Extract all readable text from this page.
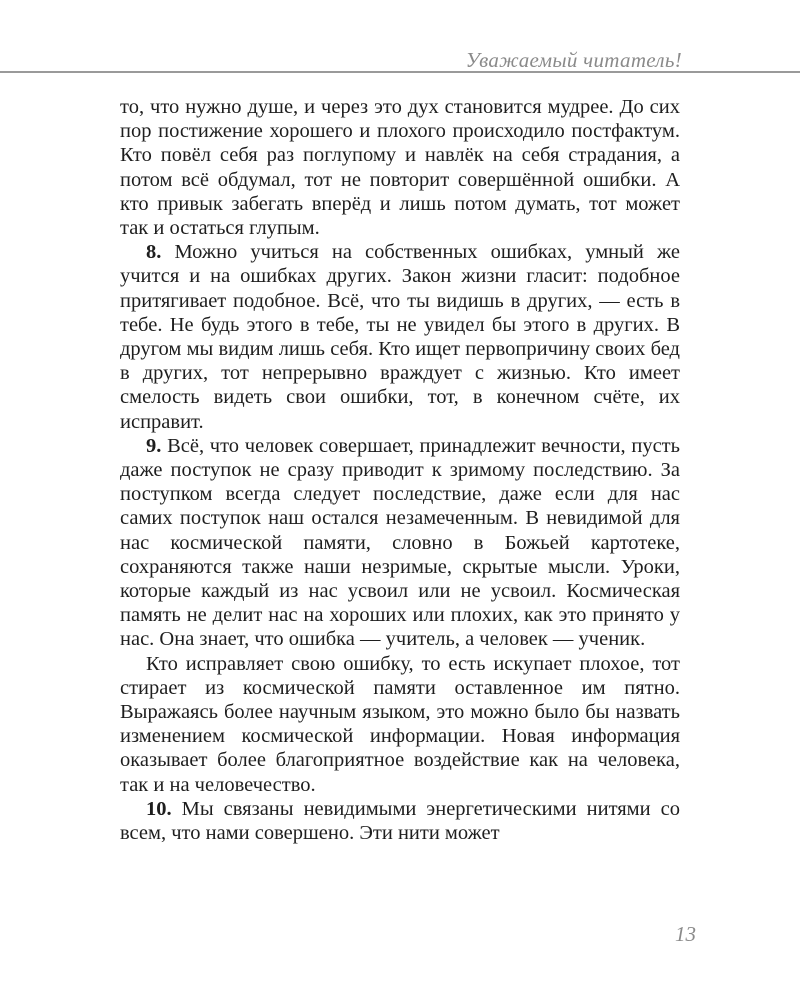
Уважаемый читатель!

то, что нужно душе, и через это дух становится мудрее. До сих пор постижение хорошего и плохого происходило постфактум. Кто повёл себя раз поглупому и навлёк на себя страдания, а потом всё обдумал, тот не повторит совершённой ошибки. А кто привык забегать вперёд и лишь потом думать, тот может так и остаться глупым.

8. Можно учиться на собственных ошибках, умный же учится и на ошибках других. Закон жизни гласит: подобное притягивает подобное. Всё, что ты видишь в других, — есть в тебе. Не будь этого в тебе, ты не увидел бы этого в других. В другом мы видим лишь себя. Кто ищет первопричину своих бед в других, тот непрерывно враждует с жизнью. Кто имеет смелость видеть свои ошибки, тот, в конечном счёте, их исправит.

9. Всё, что человек совершает, принадлежит вечности, пусть даже поступок не сразу приводит к зримому последствию. За поступком всегда следует последствие, даже если для нас самих поступок наш остался незамеченным. В невидимой для нас космической памяти, словно в Божьей картотеке, сохраняются также наши незримые, скрытые мысли. Уроки, которые каждый из нас усвоил или не усвоил. Космическая память не делит нас на хороших или плохих, как это принято у нас. Она знает, что ошибка — учитель, а человек — ученик.

Кто исправляет свою ошибку, то есть искупает плохое, тот стирает из космической памяти оставленное им пятно. Выражаясь более научным языком, это можно было бы назвать изменением космической информации. Новая информация оказывает более благоприятное воздействие как на человека, так и на человечество.

10. Мы связаны невидимыми энергетическими нитями со всем, что нами совершено. Эти нити может

13
